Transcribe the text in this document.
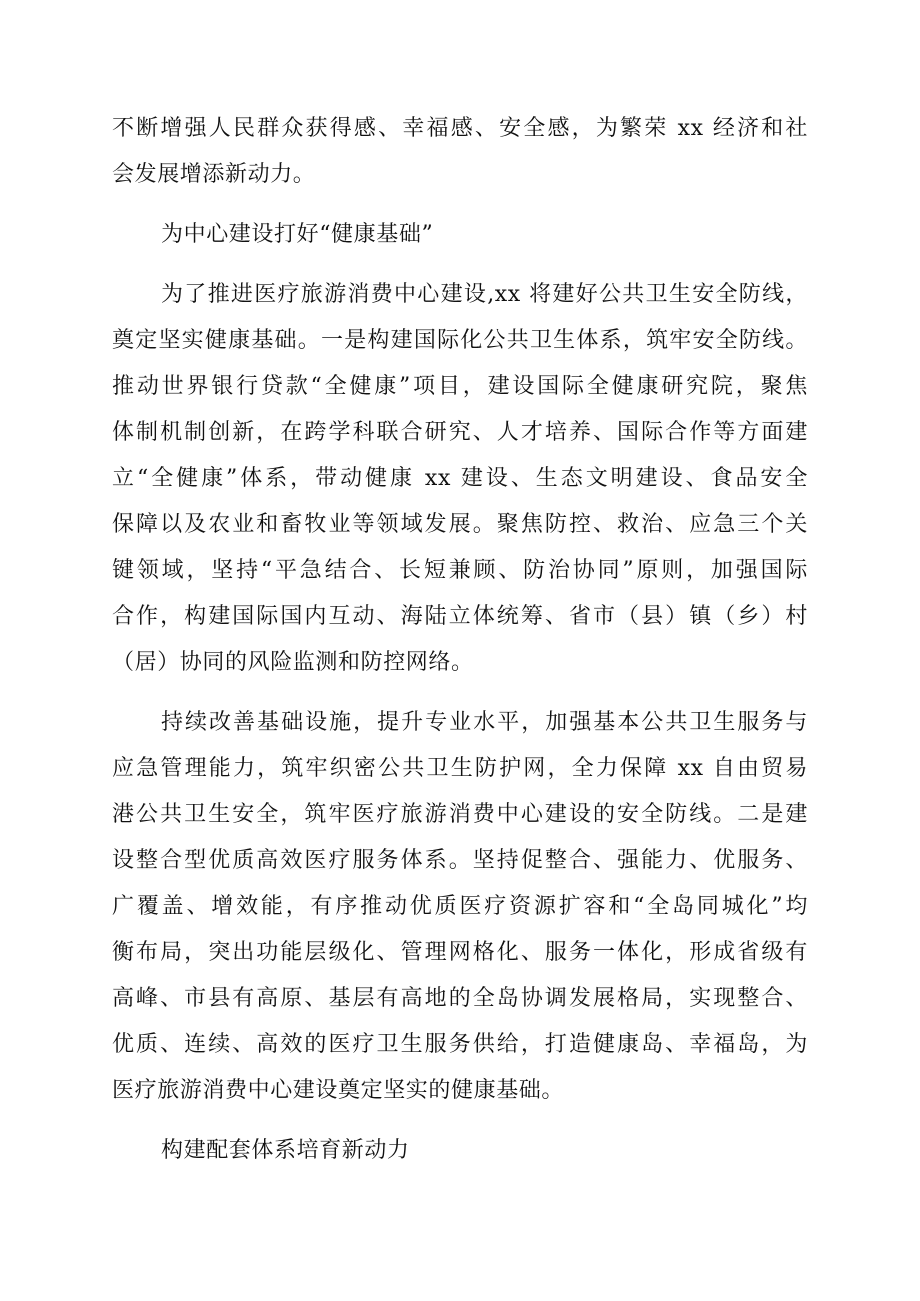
不断增强人民群众获得感、幸福感、安全感，为繁荣 xx 经济和社
会发展增添新动力。
为中心建设打好“健康基础”
为了推进医疗旅游消费中心建设,xx 将建好公共卫生安全防线，
奠定坚实健康基础。一是构建国际化公共卫生体系，筑牢安全防线。
推动世界银行贷款“全健康”项目，建设国际全健康研究院，聚焦
体制机制创新，在跨学科联合研究、人才培养、国际合作等方面建
立“全健康”体系，带动健康 xx 建设、生态文明建设、食品安全
保障以及农业和畜牧业等领域发展。聚焦防控、救治、应急三个关
键领域，坚持“平急结合、长短兼顾、防治协同”原则，加强国际
合作，构建国际国内互动、海陆立体统筹、省市（县）镇（乡）村
（居）协同的风险监测和防控网络。
持续改善基础设施，提升专业水平，加强基本公共卫生服务与
应急管理能力，筑牢织密公共卫生防护网，全力保障 xx 自由贸易
港公共卫生安全，筑牢医疗旅游消费中心建设的安全防线。二是建
设整合型优质高效医疗服务体系。坚持促整合、强能力、优服务、
广覆盖、增效能，有序推动优质医疗资源扩容和“全岛同城化”均
衡布局，突出功能层级化、管理网格化、服务一体化，形成省级有
高峰、市县有高原、基层有高地的全岛协调发展格局，实现整合、
优质、连续、高效的医疗卫生服务供给，打造健康岛、幸福岛，为
医疗旅游消费中心建设奠定坚实的健康基础。
构建配套体系培育新动力
